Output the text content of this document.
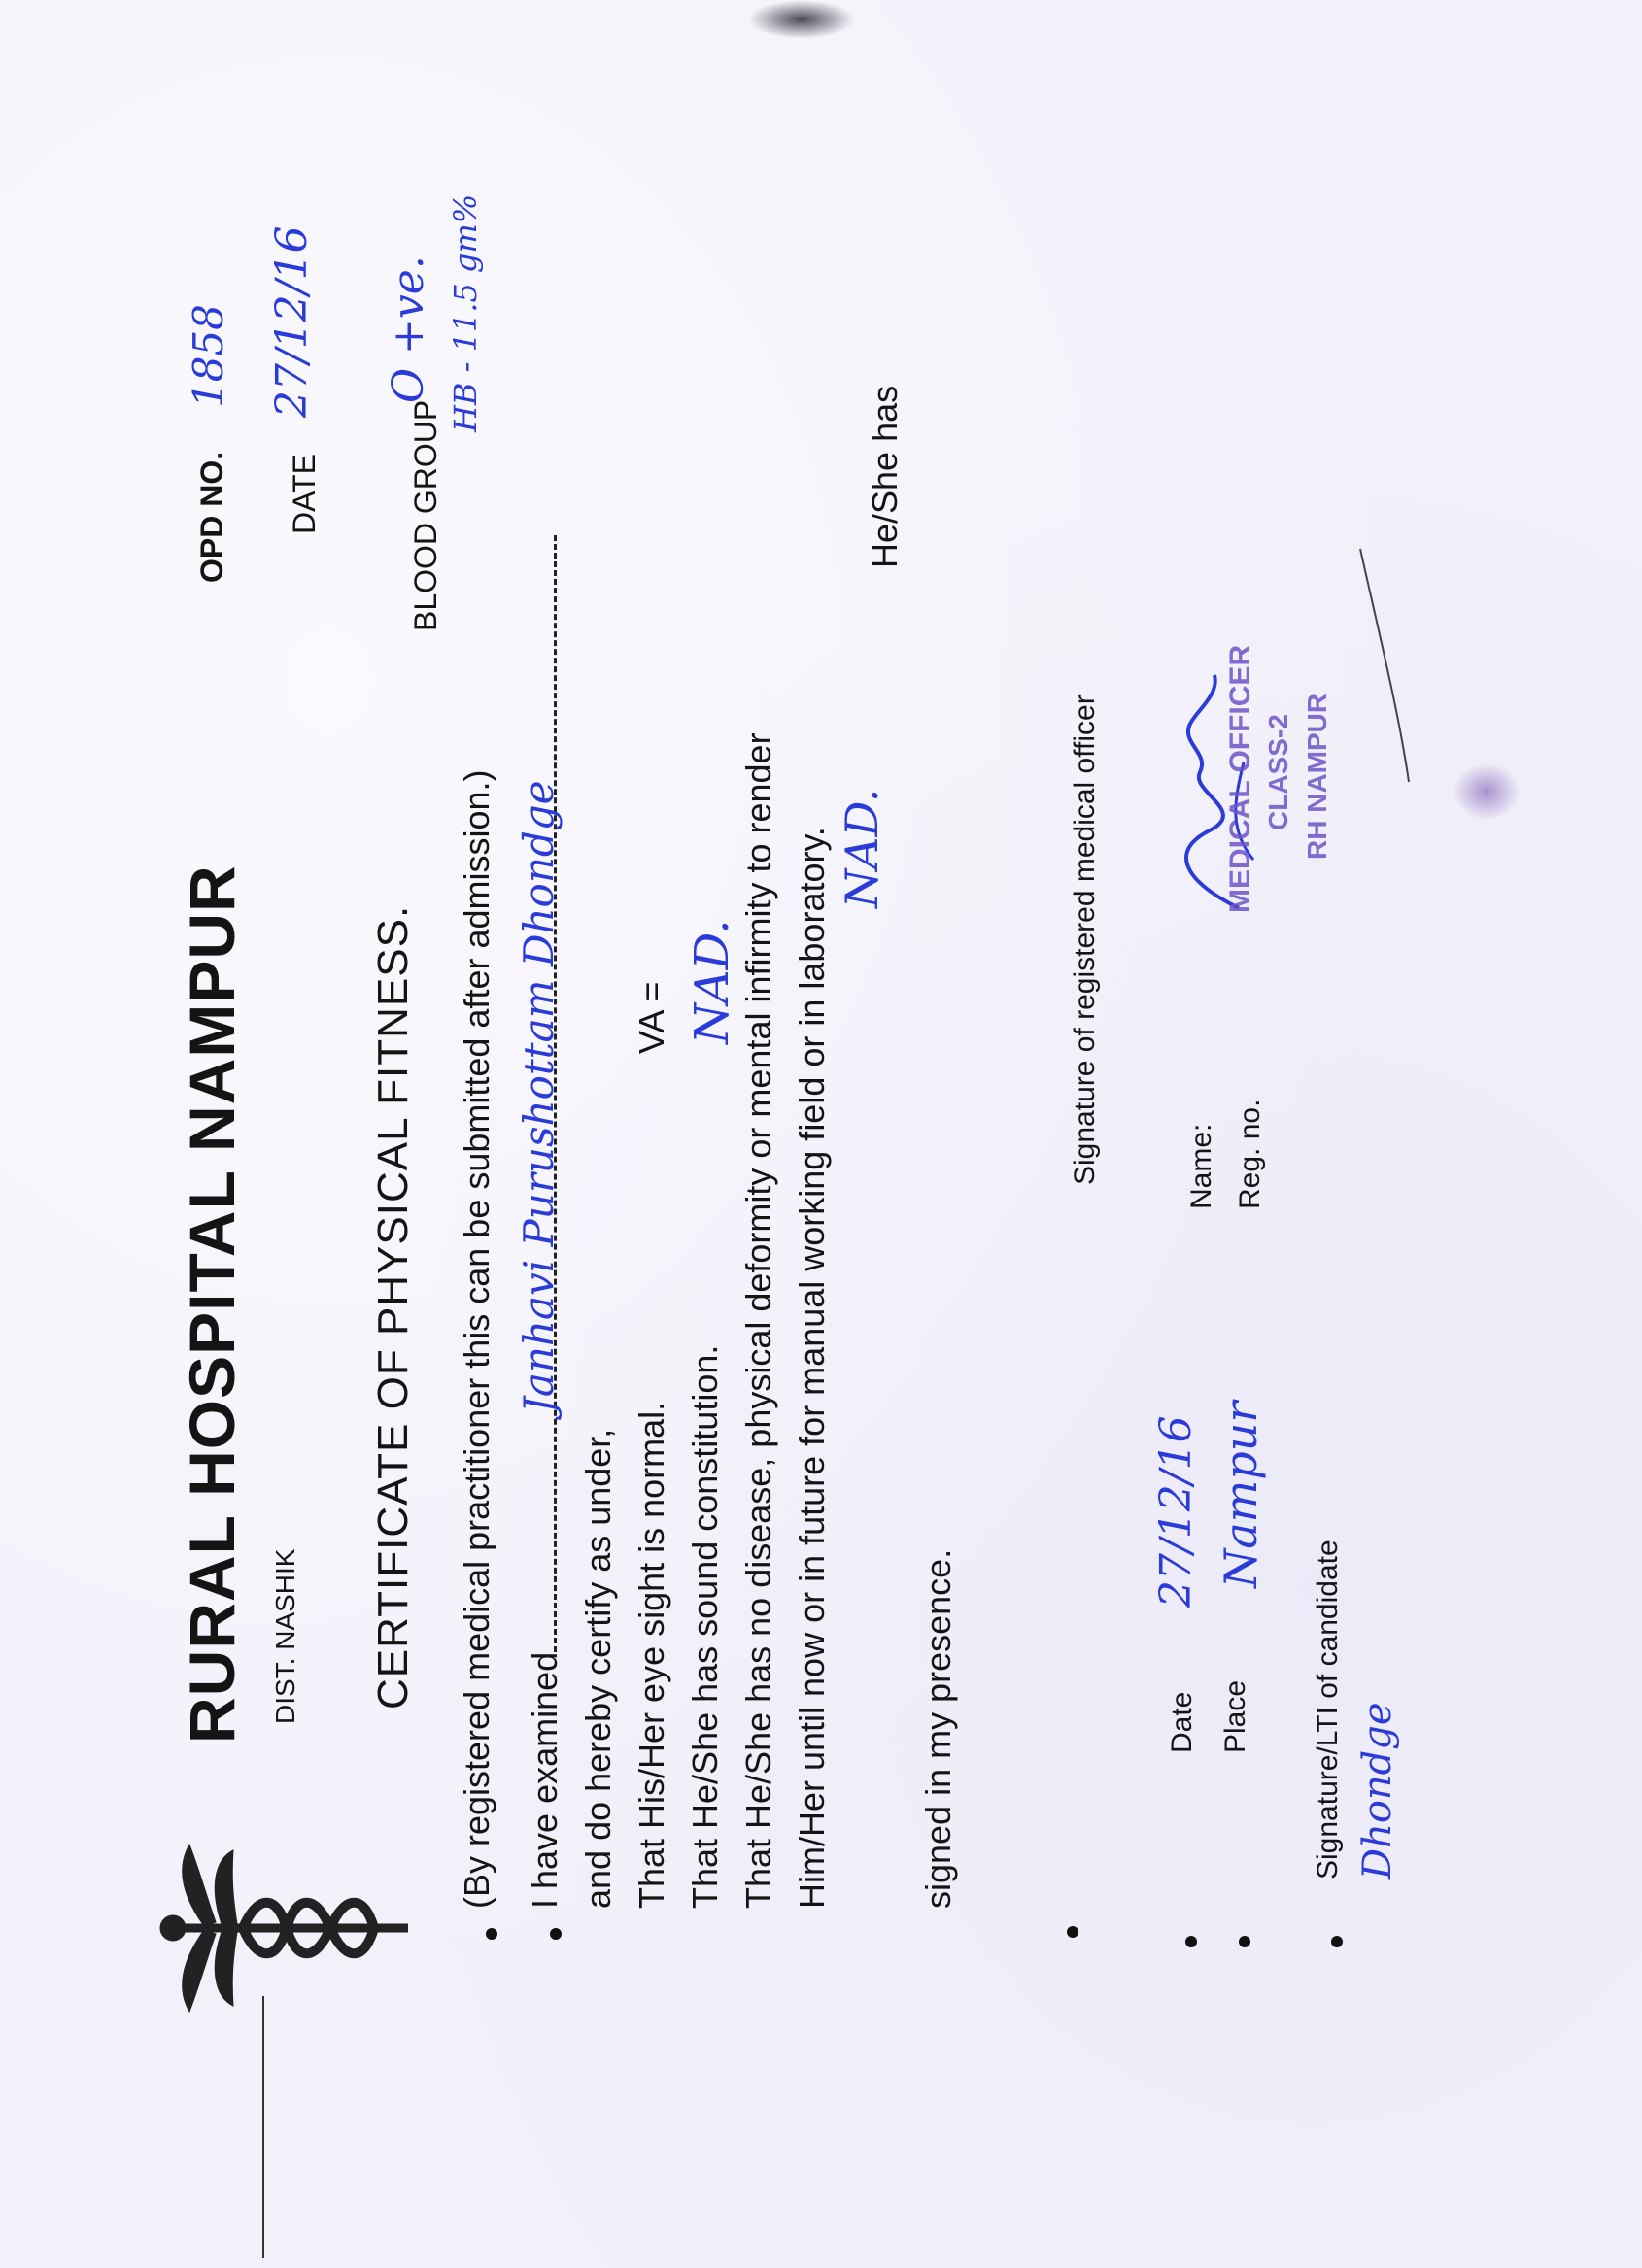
RURAL HOSPITAL NAMPUR DIST. NASHIK
OPD NO.
1858
DATE
27/12/16
BLOOD GROUP
O +ve. HB - 11.5 gm%
CERTIFICATE OF PHYSICAL FITNESS. (By registered medical practitioner this can be submitted after admission.) I have examined
Janhavi Purushottam Dhondge
and do hereby certify as under, That His/Her eye sight is normal.
VA = NAD.
That He/She has sound constitution. That He/She has no disease, physical deformity or mental infirmity to render Him/Her until now or in future for manual working field or in laboratory. NAD.
He/She has
signed in my presence.	Date
27/12/16
Place
Nampur
Signature/LTI of candidate Dhondge
Signature of registered medical officer	Name: Reg. no.
MEDICAL OFFICER CLASS-2 RH NAMPUR
